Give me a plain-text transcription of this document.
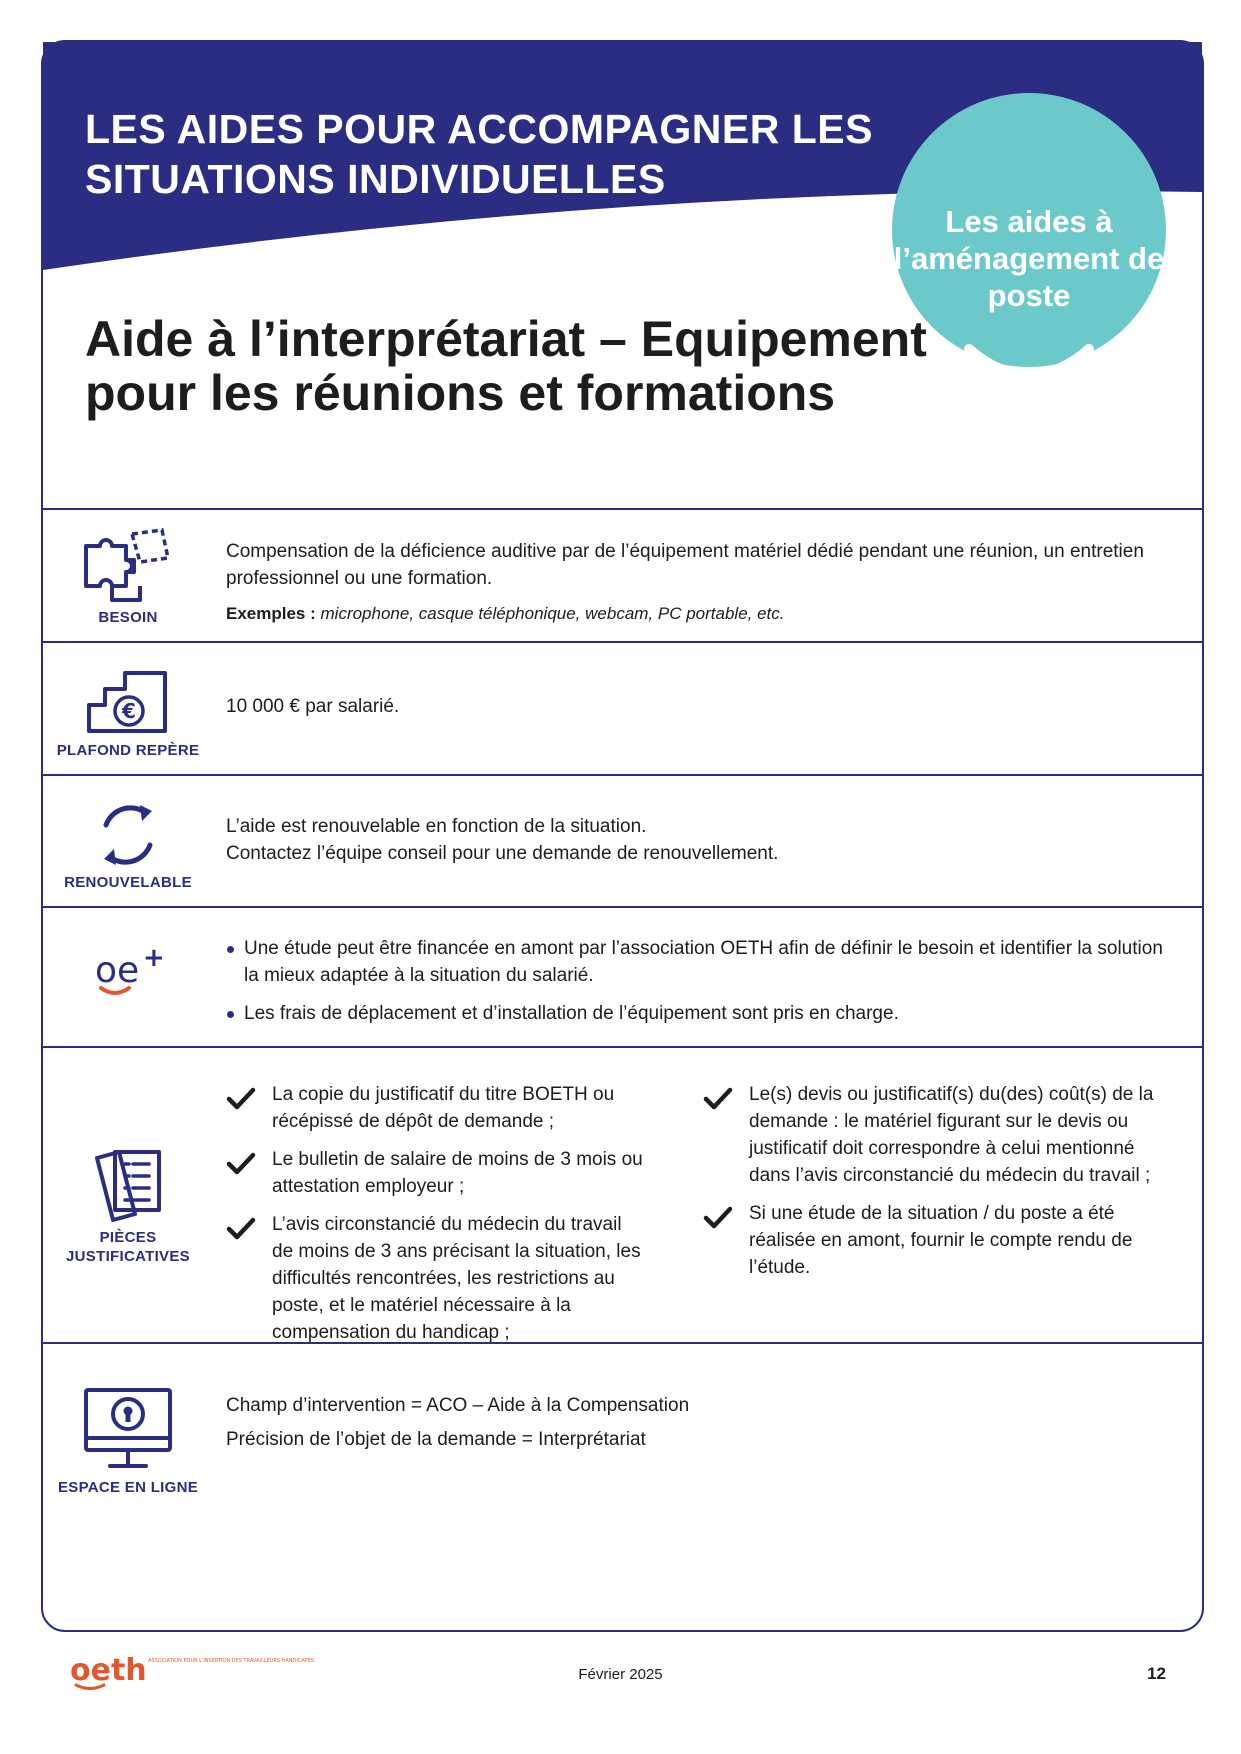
LES AIDES POUR ACCOMPAGNER LES SITUATIONS INDIVIDUELLES
Les aides à l’aménagement de poste
Aide à l’interprétariat – Equipement pour les réunions et formations
BESOIN

Compensation de la déficience auditive par de l’équipement matériel dédié pendant une réunion, un entretien professionnel ou une formation.

Exemples : microphone, casque téléphonique, webcam, PC portable, etc.

€
PLAFOND REPÈRE

10 000 € par salarié.

RENOUVELABLE

L’aide est renouvelable en fonction de la situation.

Contactez l’équipe conseil pour une demande de renouvellement.

oe +	Une étude peut être financée en amont par l’association OETH afin de définir le besoin et identifier la solution la mieux adaptée à la situation du salarié.
Les frais de déplacement et d’installation de l’équipement sont pris en charge.
PIÈCES
JUSTIFICATIVES
La copie du justificatif du titre BOETH ou récépissé de dépôt de demande ;
Le bulletin de salaire de moins de 3 mois ou attestation employeur ;
L’avis circonstancié du médecin du travail de moins de 3 ans précisant la situation, les difficultés rencontrées, les restrictions au poste, et le matériel nécessaire à la compensation du handicap ;
Le(s) devis ou justificatif(s) du(des) coût(s) de la demande : le matériel figurant sur le devis ou justificatif doit correspondre à celui mentionné dans l’avis circonstancié du médecin du travail ;
Si une étude de la situation / du poste a été réalisée en amont, fournir le compte rendu de l’étude.
ESPACE EN LIGNE

Champ d’intervention = ACO – Aide à la Compensation

Précision de l’objet de la demande = Interprétariat

oeth ASSOCIATION POUR L'INSERTION DES TRAVAILLEURS HANDICAPÉS
Février 2025	12
